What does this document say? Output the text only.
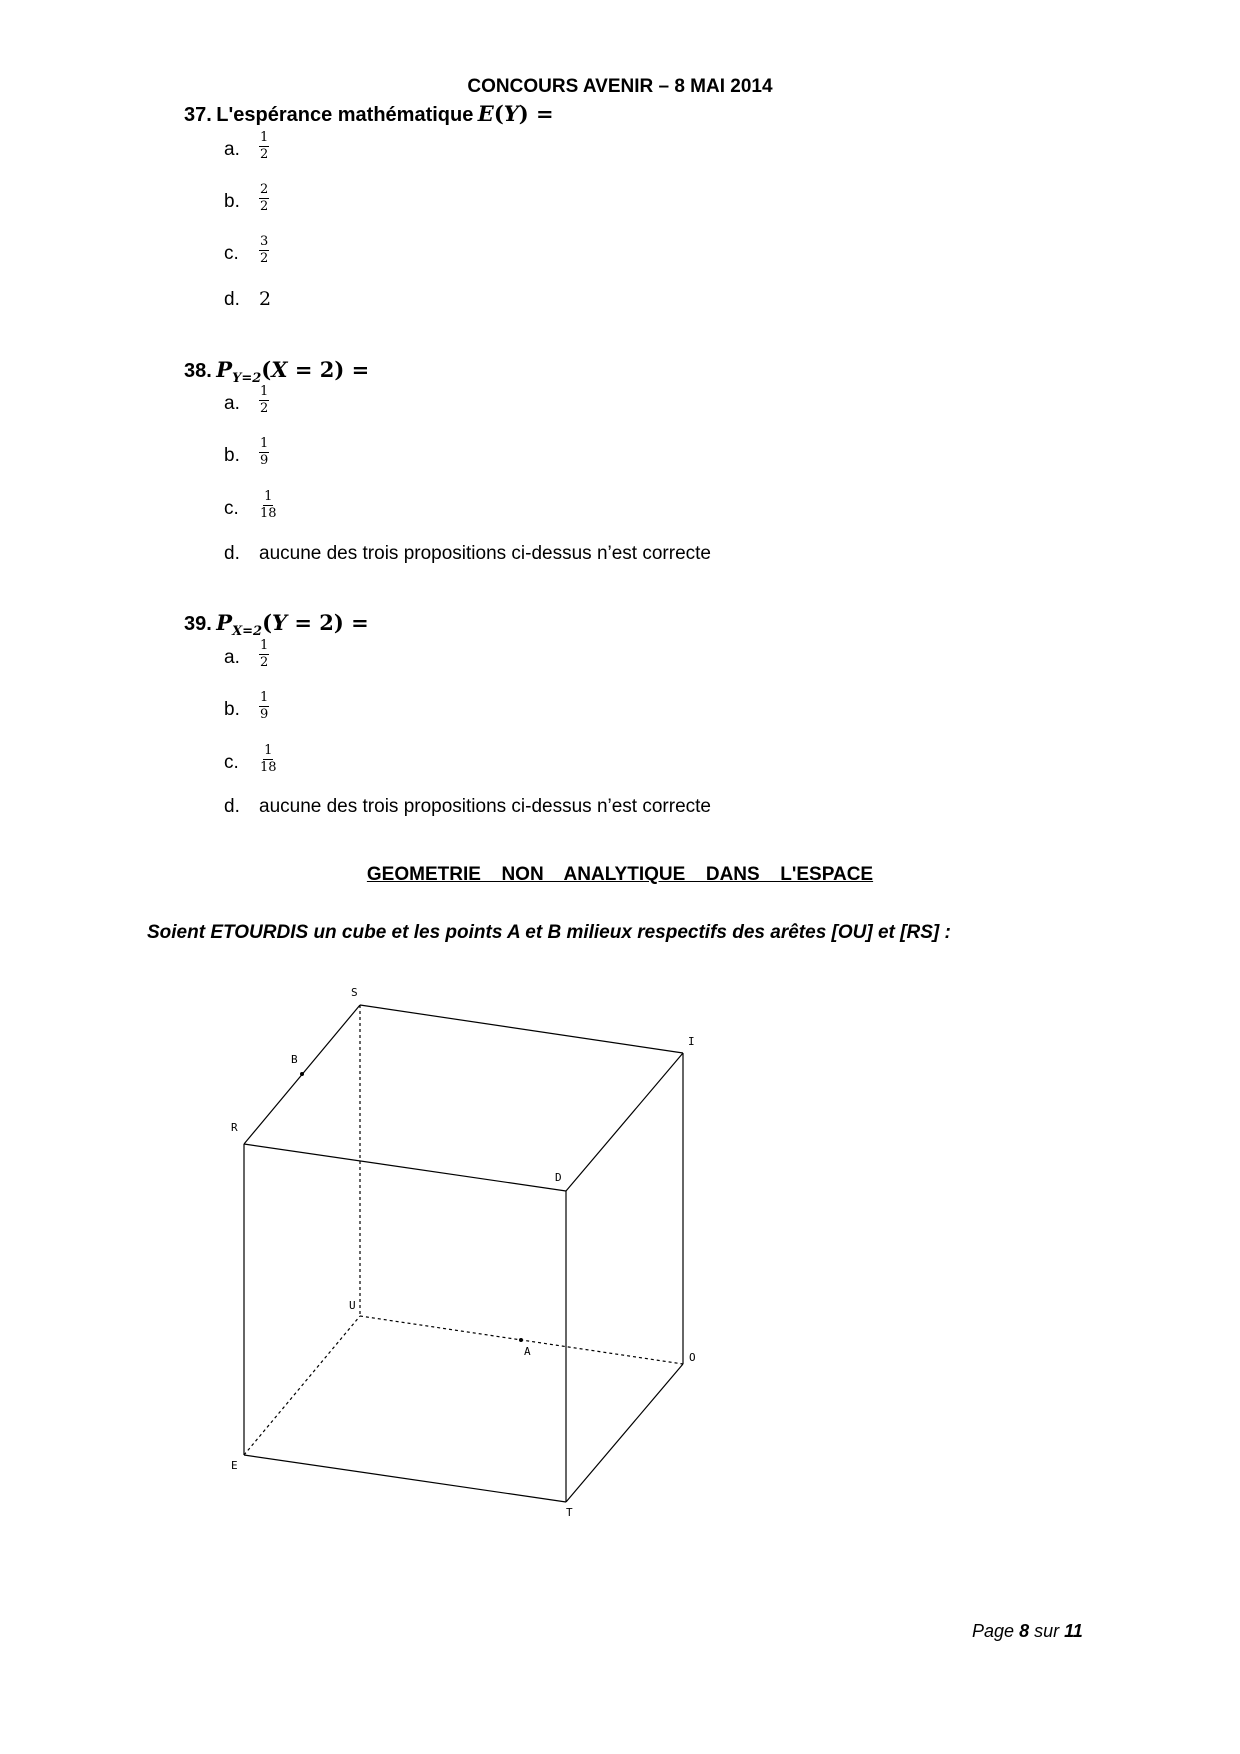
CONCOURS AVENIR – 8 MAI 2014
37. L'espérance mathématique E(Y) =
a. $\frac{1}{2}$
b. $\frac{2}{2}$
c. $\frac{3}{2}$
d. 2
38. $P_{Y=2}(X = 2)$ =
a. $\frac{1}{2}$
b. $\frac{1}{9}$
c. $\frac{1}{18}$
d. aucune des trois propositions ci-dessus n’est correcte
39. $P_{X=2}(Y = 2)$ =
a. $\frac{1}{2}$
b. $\frac{1}{9}$
c. $\frac{1}{18}$
d. aucune des trois propositions ci-dessus n’est correcte
GEOMETRIE  NON  ANALYTIQUE  DANS  L'ESPACE
Soient ETOURDIS un cube et les points A et B milieux respectifs des arêtes [OU] et [RS] :
S
I
B
R
D
U
A	O
E
T
Page 8 sur 11
